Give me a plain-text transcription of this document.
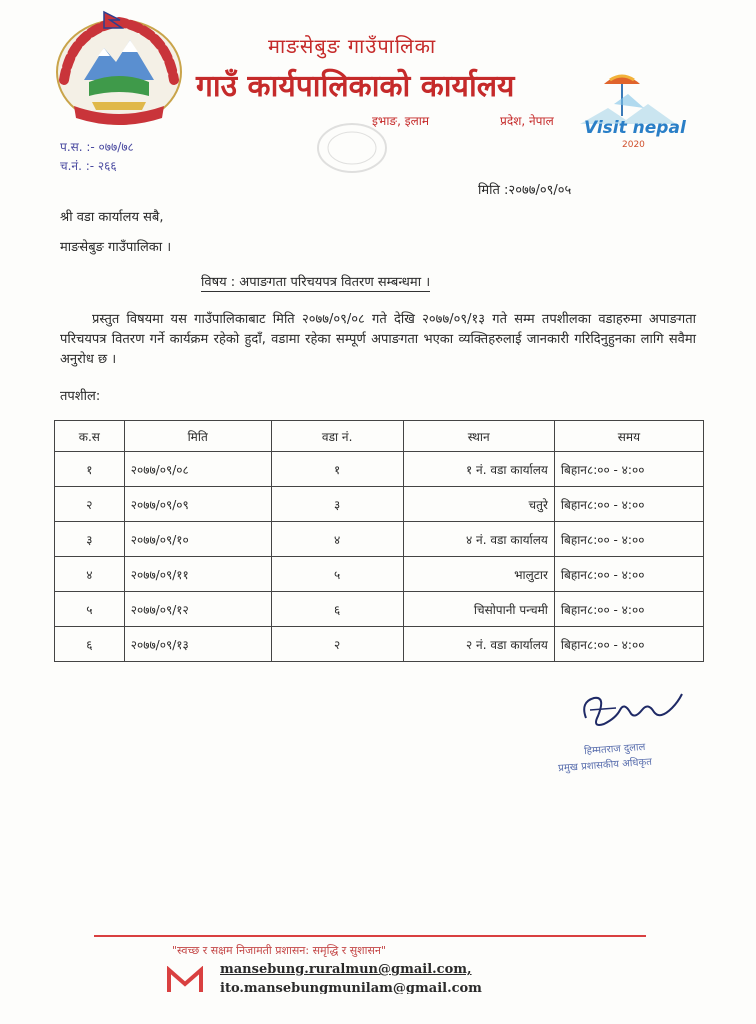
माङसेबुङ गाउँपालिका
गाउँ कार्यपालिकाको कार्यालय
इभाङ, इलाम	प्रदेश, नेपाल
प.स. :- ०७७/७८
च.नं. :- २६६
Visit nepal
2020
मिति :२०७७/०९/०५
श्री वडा कार्यालय सबै,
माङसेबुङ गाउँपालिका ।
विषय : अपाङगता परिचयपत्र वितरण सम्बन्धमा ।
प्रस्तुत विषयमा यस गाउँपालिकाबाट मिति २०७७/०९/०८ गते देखि २०७७/०९/१३ गते सम्म तपशीलका वडाहरुमा अपाङगता परिचयपत्र वितरण गर्ने कार्यक्रम रहेको हुदाँ, वडामा रहेका सम्पूर्ण अपाङगता भएका व्यक्तिहरुलाई जानकारी गरिदिनुहुनका लागि सवैमा अनुरोध छ ।
तपशील:
क.स	मिति	वडा नं.	स्थान	समय
१	२०७७/०९/०८	१	१ नं. वडा कार्यालय	बिहान८:०० - ४:००
२	२०७७/०९/०९	३	चतुरे	बिहान८:०० - ४:००
३	२०७७/०९/१०	४	४ नं. वडा कार्यालय	बिहान८:०० - ४:००
४	२०७७/०९/११	५	भालुटार	बिहान८:०० - ४:००
५	२०७७/०९/१२	६	चिसोपानी पन्चमी	बिहान८:०० - ४:००
६	२०७७/०९/१३	२	२ नं. वडा कार्यालय	बिहान८:०० - ४:००
हिम्मतराज दुलाल
प्रमुख प्रशासकीय अधिकृत
"स्वच्छ र सक्षम निजामती प्रशासन: समृद्धि र सुशासन"
mansebung.ruralmun@gmail.com,
ito.mansebungmunilam@gmail.com
